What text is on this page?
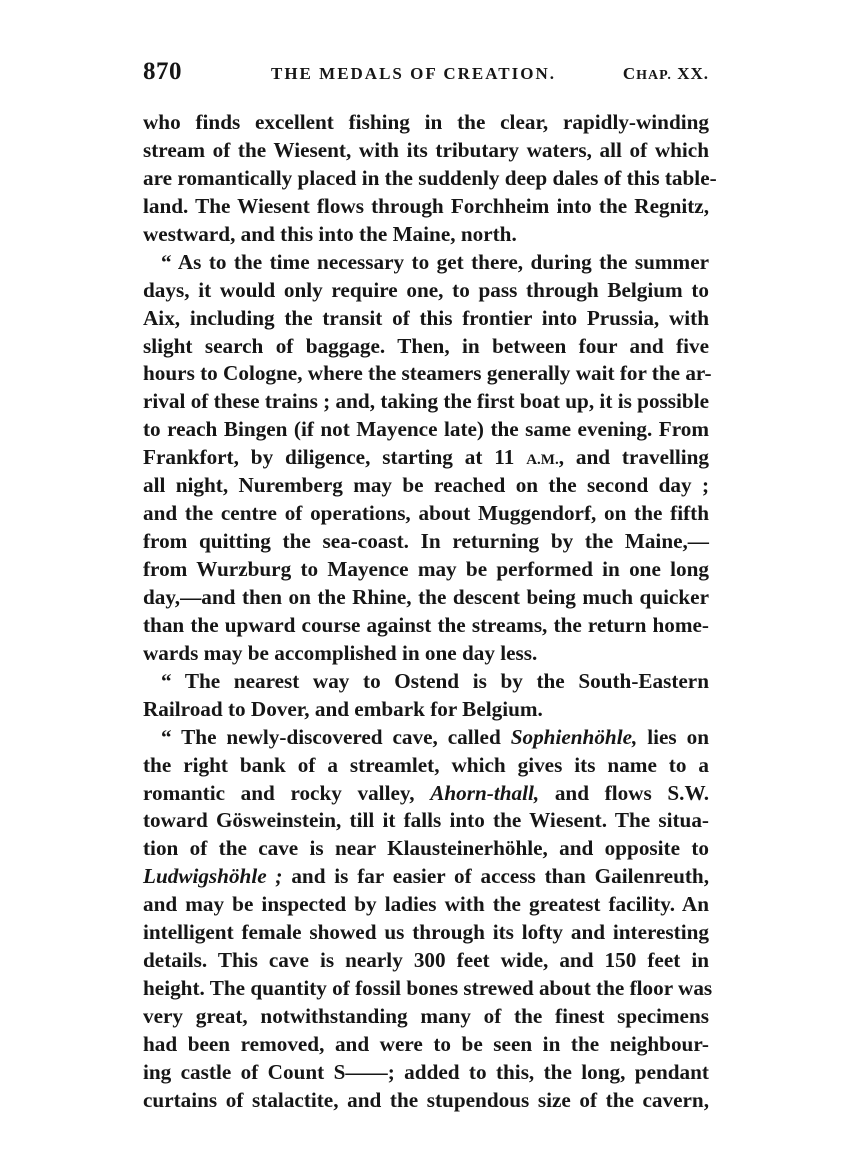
870	THE MEDALS OF CREATION.	CHAP. XX.
who finds excellent fishing in the clear, rapidly-winding
stream of the Wiesent, with its tributary waters, all of which
are romantically placed in the suddenly deep dales of this table-
land. The Wiesent flows through Forchheim into the Regnitz,
westward, and this into the Maine, north.
“ As to the time necessary to get there, during the summer
days, it would only require one, to pass through Belgium to
Aix, including the transit of this frontier into Prussia, with
slight search of baggage. Then, in between four and five
hours to Cologne, where the steamers generally wait for the ar-
rival of these trains ; and, taking the first boat up, it is possible
to reach Bingen (if not Mayence late) the same evening. From
Frankfort, by diligence, starting at 11 A.M., and travelling
all night, Nuremberg may be reached on the second day ;
and the centre of operations, about Muggendorf, on the fifth
from quitting the sea-coast. In returning by the Maine,—
from Wurzburg to Mayence may be performed in one long
day,—and then on the Rhine, the descent being much quicker
than the upward course against the streams, the return home-
wards may be accomplished in one day less.
“ The nearest way to Ostend is by the South-Eastern
Railroad to Dover, and embark for Belgium.
“ The newly-discovered cave, called Sophienhöhle, lies on
the right bank of a streamlet, which gives its name to a
romantic and rocky valley, Ahorn-thall, and flows S.W.
toward Gösweinstein, till it falls into the Wiesent. The situa-
tion of the cave is near Klausteinerhöhle, and opposite to
Ludwigshöhle ; and is far easier of access than Gailenreuth,
and may be inspected by ladies with the greatest facility. An
intelligent female showed us through its lofty and interesting
details. This cave is nearly 300 feet wide, and 150 feet in
height. The quantity of fossil bones strewed about the floor was
very great, notwithstanding many of the finest specimens
had been removed, and were to be seen in the neighbour-
ing castle of Count S——; added to this, the long, pendant
curtains of stalactite, and the stupendous size of the cavern,
